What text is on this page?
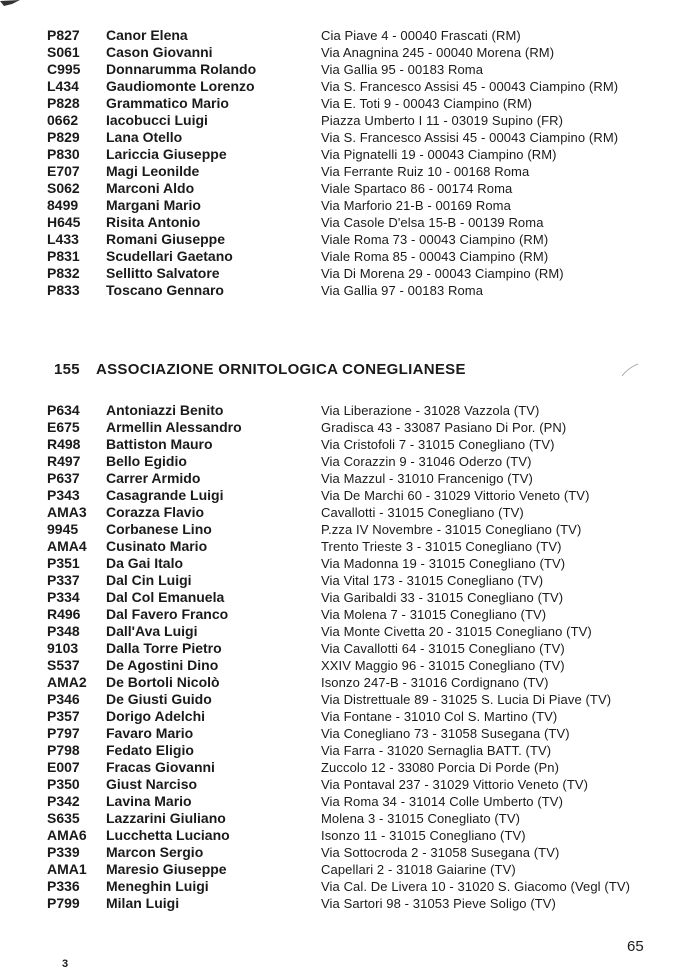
P827 Canor Elena	Cia Piave 4 - 00040 Frascati (RM)
S061 Cason Giovanni	Via Anagnina 245 - 00040 Morena (RM)
C995 Donnarumma Rolando	Via Gallia 95 - 00183 Roma
L434 Gaudiomonte Lorenzo	Via S. Francesco Assisi 45 - 00043 Ciampino (RM)
P828 Grammatico Mario	Via E. Toti 9 - 00043 Ciampino (RM)
0662 Iacobucci Luigi	Piazza Umberto I 11 - 03019 Supino (FR)
P829 Lana Otello	Via S. Francesco Assisi 45 - 00043 Ciampino (RM)
P830 Lariccia Giuseppe	Via Pignatelli 19 - 00043 Ciampino (RM)
E707 Magi Leonilde	Via Ferrante Ruiz 10 - 00168 Roma
S062 Marconi Aldo	Viale Spartaco 86 - 00174 Roma
8499 Margani Mario	Via Marforio 21-B - 00169 Roma
H645 Risita Antonio	Via Casole D'elsa 15-B - 00139 Roma
L433 Romani Giuseppe	Viale Roma 73 - 00043 Ciampino (RM)
P831 Scudellari Gaetano	Viale Roma 85 - 00043 Ciampino (RM)
P832 Sellitto Salvatore	Via Di Morena 29 - 00043 Ciampino (RM)
P833 Toscano Gennaro	Via Gallia 97 - 00183 Roma
155 ASSOCIAZIONE ORNITOLOGICA CONEGLIANESE
P634 Antoniazzi Benito	Via Liberazione - 31028 Vazzola (TV)
E675 Armellin Alessandro	Gradisca 43 - 33087 Pasiano Di Por. (PN)
R498 Battiston Mauro	Via Cristofoli 7 - 31015 Conegliano (TV)
R497 Bello Egidio	Via Corazzin 9 - 31046 Oderzo (TV)
P637 Carrer Armido	Via Mazzul - 31010 Francenigo (TV)
P343 Casagrande Luigi	Via De Marchi 60 - 31029 Vittorio Veneto (TV)
AMA3 Corazza Flavio	Cavallotti - 31015 Conegliano (TV)
9945 Corbanese Lino	P.zza IV Novembre - 31015 Conegliano (TV)
AMA4 Cusinato Mario	Trento Trieste 3 - 31015 Conegliano (TV)
P351 Da Gai Italo	Via Madonna 19 - 31015 Conegliano (TV)
P337 Dal Cin Luigi	Via Vital 173 - 31015 Conegliano (TV)
P334 Dal Col Emanuela	Via Garibaldi 33 - 31015 Conegliano (TV)
R496 Dal Favero Franco	Via Molena 7 - 31015 Conegliano (TV)
P348 Dall'Ava Luigi	Via Monte Civetta 20 - 31015 Conegliano (TV)
9103 Dalla Torre Pietro	Via Cavallotti 64 - 31015 Conegliano (TV)
S537 De Agostini Dino	XXIV Maggio 96 - 31015 Conegliano (TV)
AMA2 De Bortoli Nicolò	Isonzo 247-B - 31016 Cordignano (TV)
P346 De Giusti Guido	Via Distrettuale 89 - 31025 S. Lucia Di Piave (TV)
P357 Dorigo Adelchi	Via Fontane - 31010 Col S. Martino (TV)
P797 Favaro Mario	Via Conegliano 73 - 31058 Susegana (TV)
P798 Fedato Eligio	Via Farra - 31020 Sernaglia BATT. (TV)
E007 Fracas Giovanni	Zuccolo 12 - 33080 Porcia Di Porde (Pn)
P350 Giust Narciso	Via Pontaval 237 - 31029 Vittorio Veneto (TV)
P342 Lavina Mario	Via Roma 34 - 31014 Colle Umberto (TV)
S635 Lazzarini Giuliano	Molena 3 - 31015 Conegliato (TV)
AMA6 Lucchetta Luciano	Isonzo 11 - 31015 Conegliano (TV)
P339 Marcon Sergio	Via Sottocroda 2 - 31058 Susegana (TV)
AMA1 Maresio Giuseppe	Capellari 2 - 31018 Gaiarine (TV)
P336 Meneghin Luigi	Via Cal. De Livera 10 - 31020 S. Giacomo (Vegl (TV)
P799 Milan Luigi	Via Sartori 98 - 31053 Pieve Soligo (TV)
65
3
